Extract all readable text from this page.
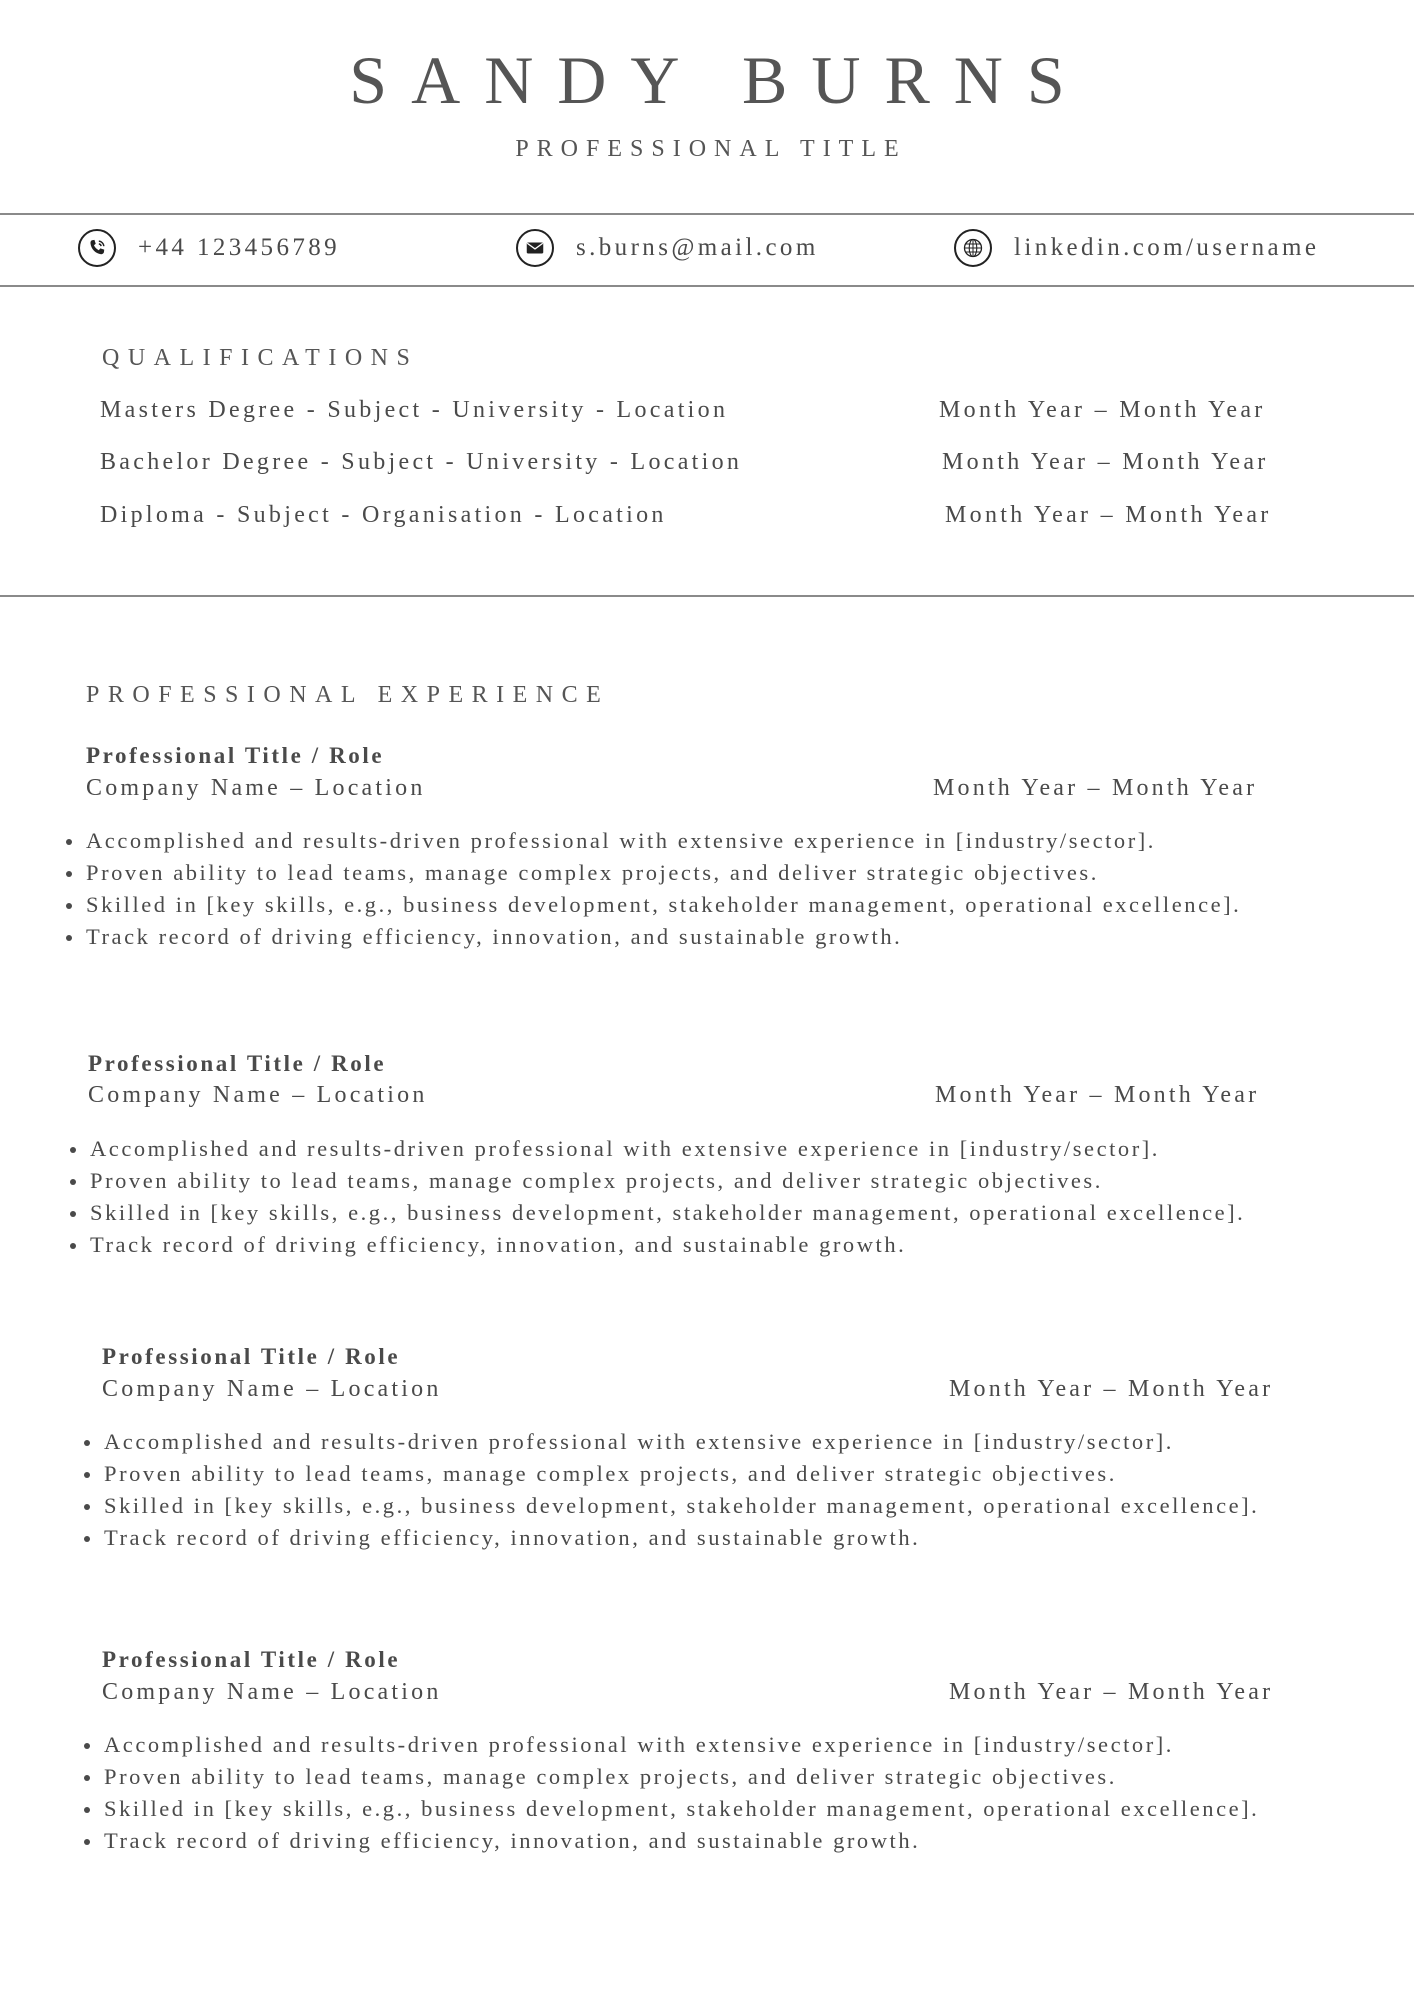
SANDY BURNS
PROFESSIONAL TITLE
+44 123456789	s.burns@mail.com	linkedin.com/username
QUALIFICATIONS
Masters Degree - Subject - University - Location	Month Year – Month Year
Bachelor Degree - Subject - University - Location	Month Year – Month Year
Diploma - Subject - Organisation - Location	Month Year – Month Year
PROFESSIONAL EXPERIENCE
Professional Title / Role
Company Name – Location	Month Year – Month Year
Accomplished and results-driven professional with extensive experience in [industry/sector].
Proven ability to lead teams, manage complex projects, and deliver strategic objectives.
Skilled in [key skills, e.g., business development, stakeholder management, operational excellence].
Track record of driving efficiency, innovation, and sustainable growth.
Professional Title / Role
Company Name – Location	Month Year – Month Year
Accomplished and results-driven professional with extensive experience in [industry/sector].
Proven ability to lead teams, manage complex projects, and deliver strategic objectives.
Skilled in [key skills, e.g., business development, stakeholder management, operational excellence].
Track record of driving efficiency, innovation, and sustainable growth.
Professional Title / Role
Company Name – Location	Month Year – Month Year
Accomplished and results-driven professional with extensive experience in [industry/sector].
Proven ability to lead teams, manage complex projects, and deliver strategic objectives.
Skilled in [key skills, e.g., business development, stakeholder management, operational excellence].
Track record of driving efficiency, innovation, and sustainable growth.
Professional Title / Role
Company Name – Location	Month Year – Month Year
Accomplished and results-driven professional with extensive experience in [industry/sector].
Proven ability to lead teams, manage complex projects, and deliver strategic objectives.
Skilled in [key skills, e.g., business development, stakeholder management, operational excellence].
Track record of driving efficiency, innovation, and sustainable growth.
